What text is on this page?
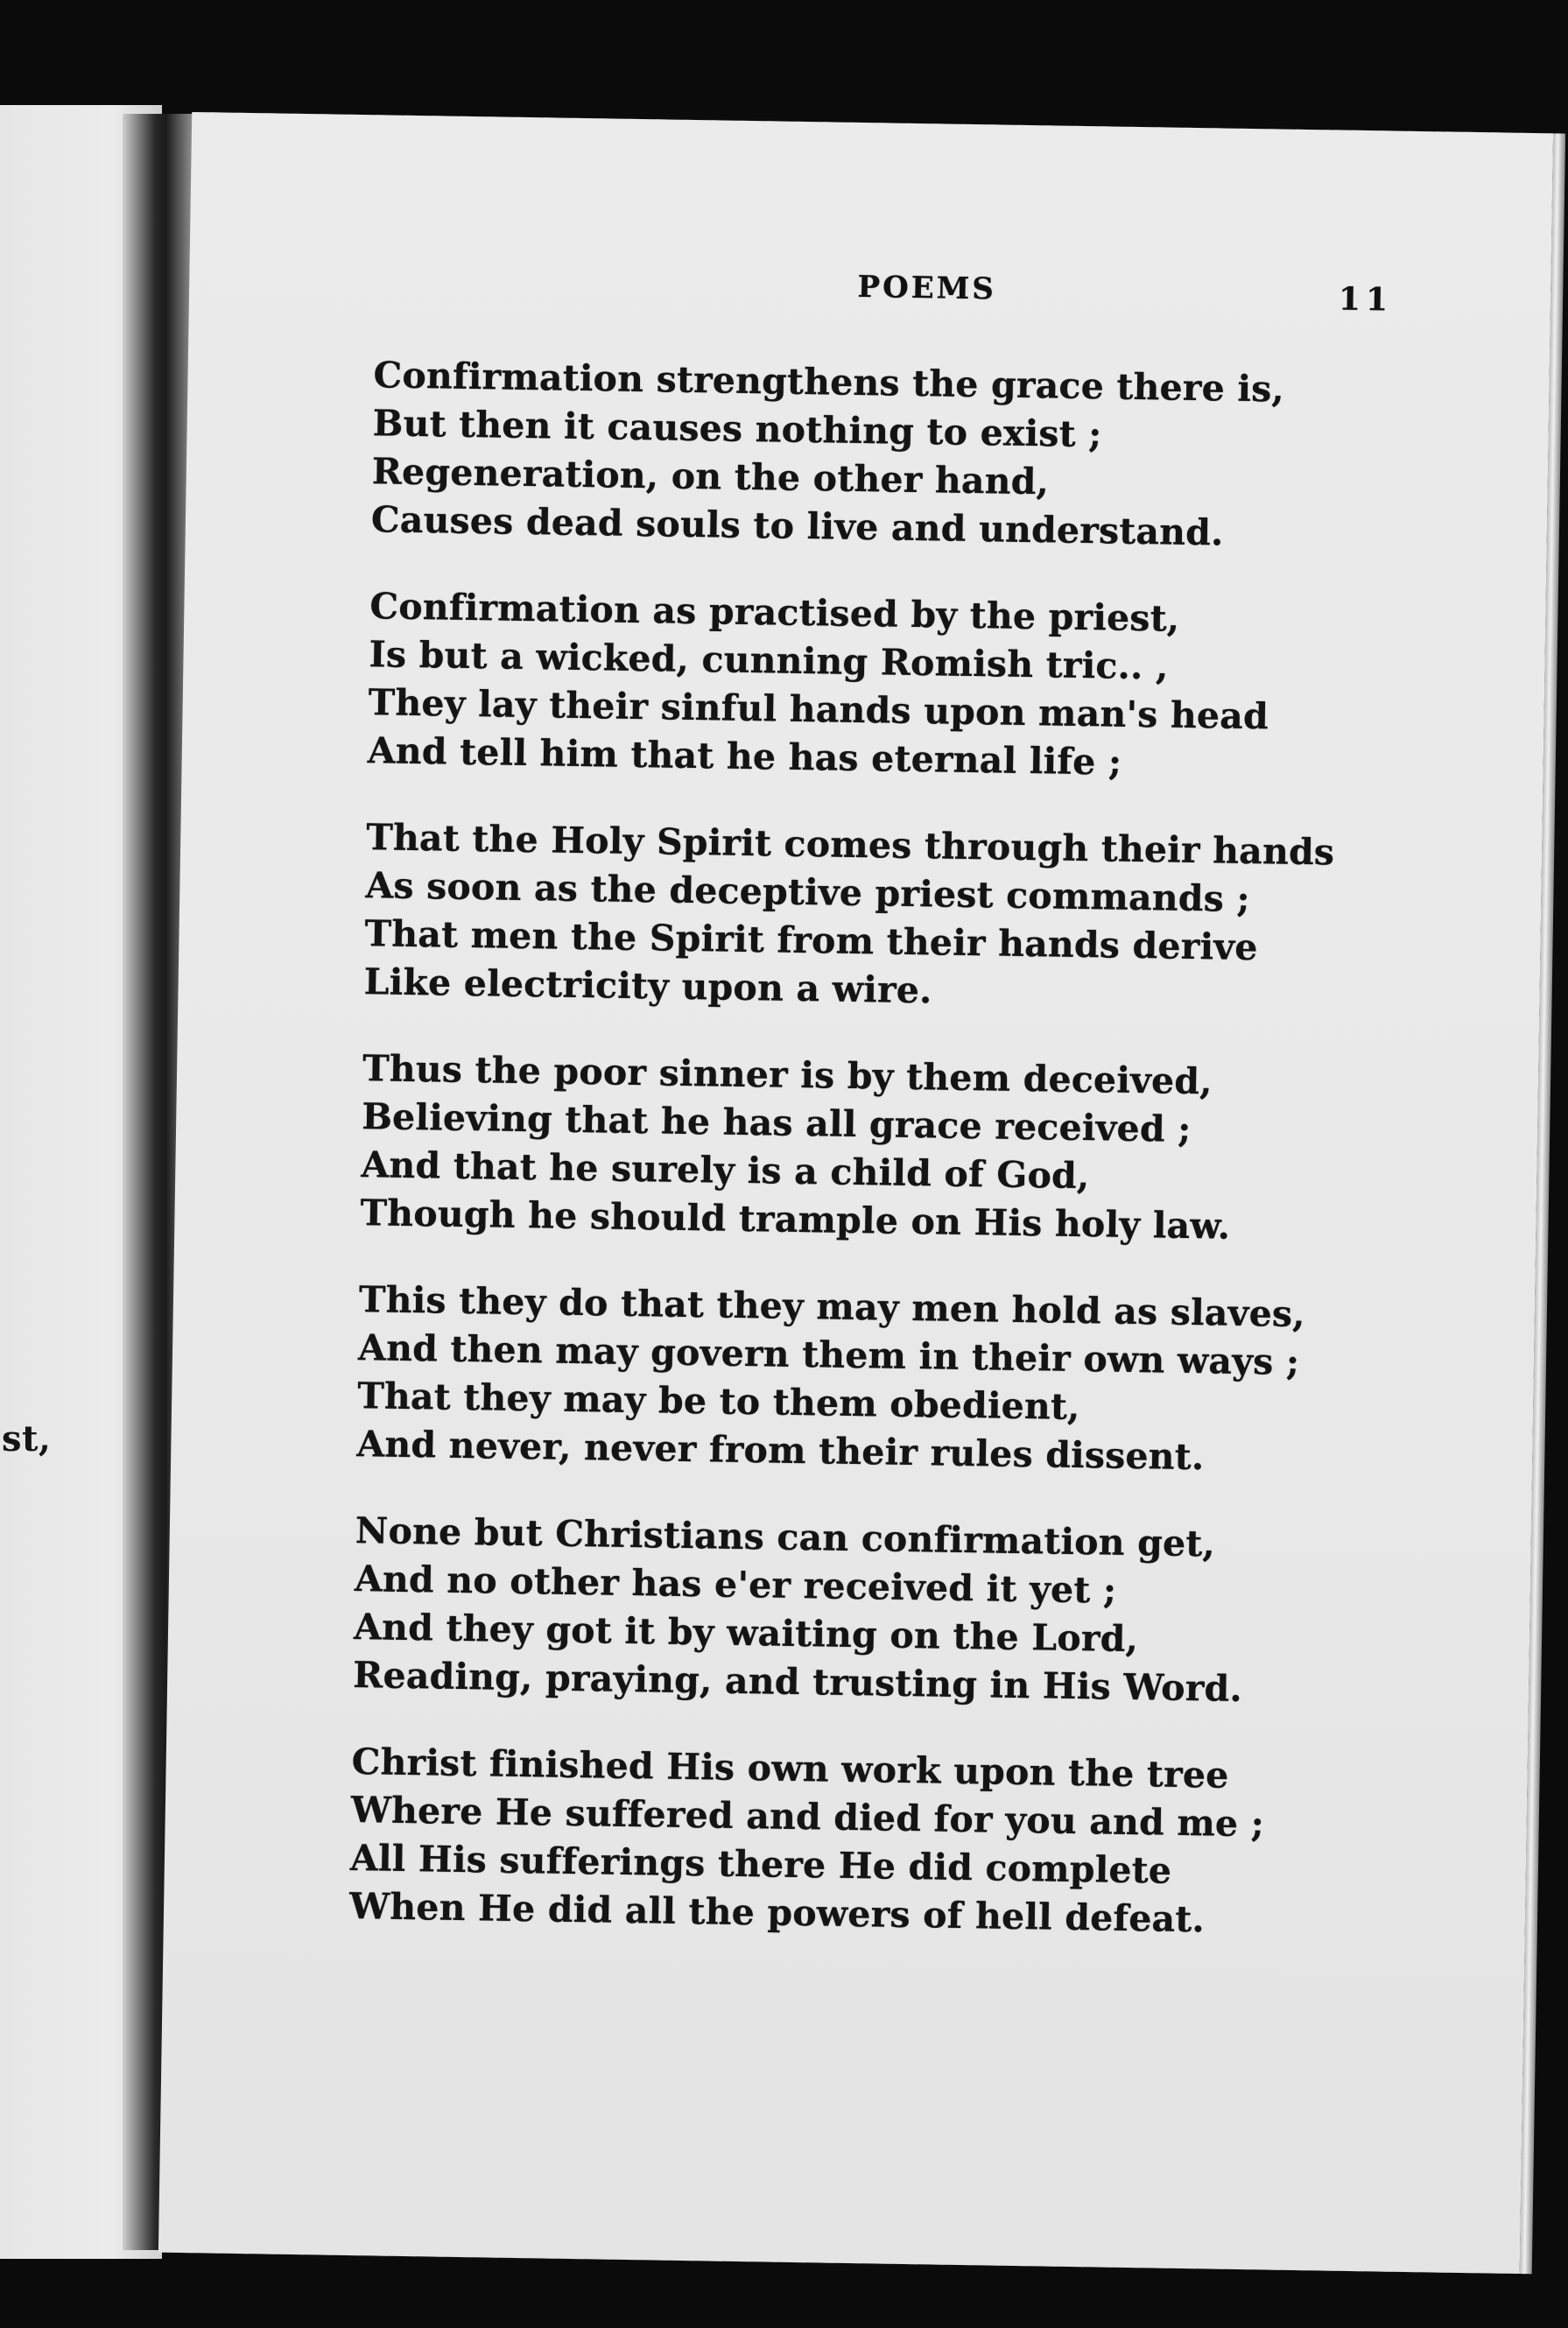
st,
POEMS	11
Confirmation strengthens the grace there is,
But then it causes nothing to exist ;
Regeneration, on the other hand,
Causes dead souls to live and understand.
Confirmation as practised by the priest,
Is but a wicked, cunning Romish tric.. ,
They lay their sinful hands upon man's head
And tell him that he has eternal life ;
That the Holy Spirit comes through their hands
As soon as the deceptive priest commands ;
That men the Spirit from their hands derive
Like electricity upon a wire.
Thus the poor sinner is by them deceived,
Believing that he has all grace received ;
And that he surely is a child of God,
Though he should trample on His holy law.
This they do that they may men hold as slaves,
And then may govern them in their own ways ;
That they may be to them obedient,
And never, never from their rules dissent.
None but Christians can confirmation get,
And no other has e'er received it yet ;
And they got it by waiting on the Lord,
Reading, praying, and trusting in His Word.
Christ finished His own work upon the tree
Where He suffered and died for you and me ;
All His sufferings there He did complete
When He did all the powers of hell defeat.
